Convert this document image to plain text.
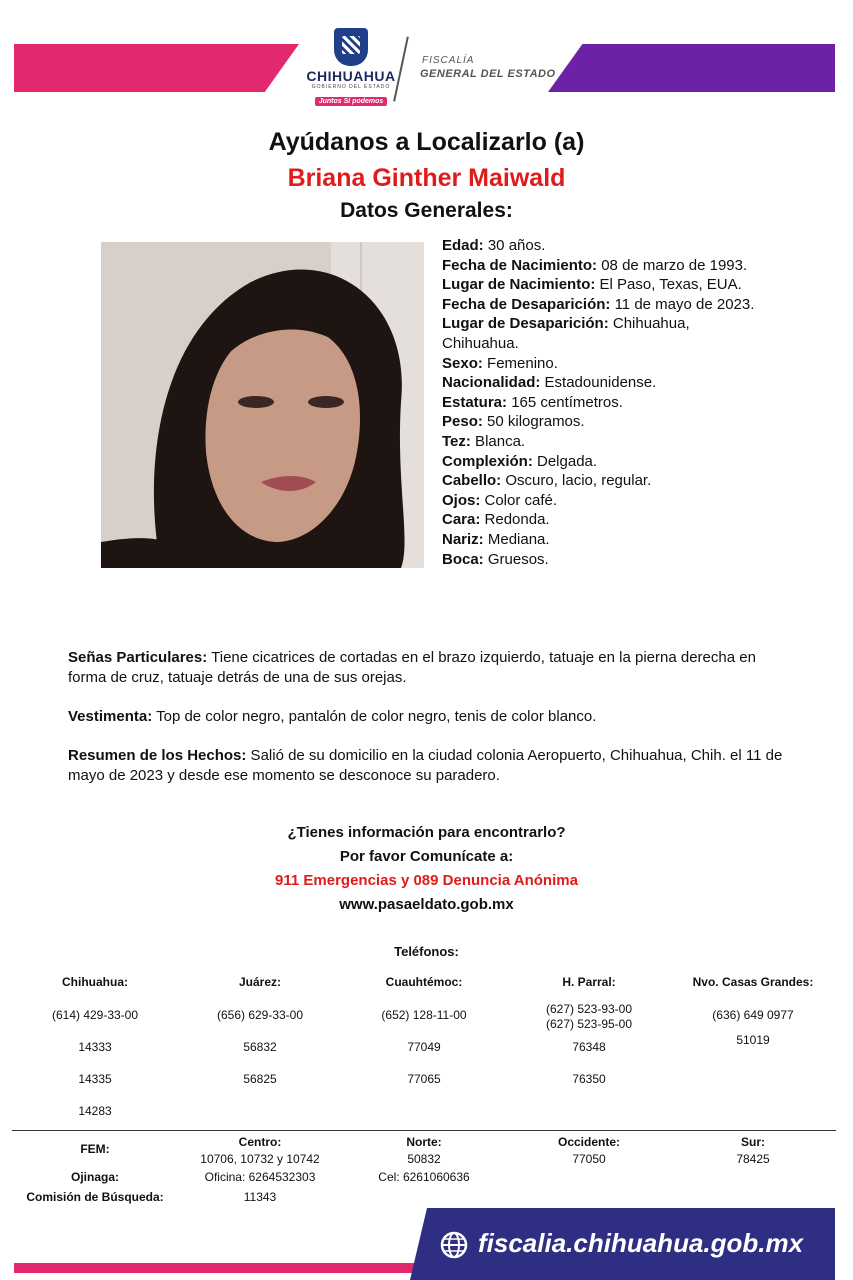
CHIHUAHUA
GOBIERNO DEL ESTADO
Juntos Sí podemos
FISCALÍA
GENERAL DEL ESTADO
Ayúdanos a Localizarlo (a)
Briana Ginther Maiwald
Datos Generales:
Edad: 30 años.
Fecha de Nacimiento: 08 de marzo de 1993.
Lugar de Nacimiento: El Paso, Texas, EUA.
Fecha de Desaparición: 11 de mayo de 2023.
Lugar de Desaparición: Chihuahua,
Chihuahua.
Sexo: Femenino.
Nacionalidad: Estadounidense.
Estatura: 165 centímetros.
Peso: 50 kilogramos.
Tez: Blanca.
Complexión: Delgada.
Cabello: Oscuro, lacio, regular.
Ojos: Color café.
Cara: Redonda.
Nariz: Mediana.
Boca: Gruesos.
Señas Particulares: Tiene cicatrices de cortadas en el brazo izquierdo, tatuaje en la pierna derecha en forma de cruz, tatuaje detrás de una de sus orejas.
Vestimenta: Top de color negro, pantalón de color negro, tenis de color blanco.
Resumen de los Hechos: Salió de su domicilio en la ciudad colonia Aeropuerto, Chihuahua, Chih. el 11 de mayo de 2023 y desde ese momento se desconoce su paradero.
¿Tienes información para encontrarlo?
Por favor Comunícate a:
911 Emergencias y 089 Denuncia Anónima
www.pasaeldato.gob.mx
Teléfonos:
Chihuahua:
(614) 429-33-00
14333
14335
14283
Juárez:
(656) 629-33-00
56832
56825
Cuauhtémoc:
(652) 128-11-00
77049
77065
H. Parral:
(627) 523-93-00
(627) 523-95-00
76348
76350
Nvo. Casas Grandes:
(636) 649 0977
51019
FEM:
Ojinaga:
Comisión de Búsqueda:
Centro:
10706, 10732 y 10742
Oficina: 6264532303
11343
Norte:
50832
Cel: 6261060636
Occidente:
77050
Sur:
78425
fiscalia.chihuahua.gob.mx
